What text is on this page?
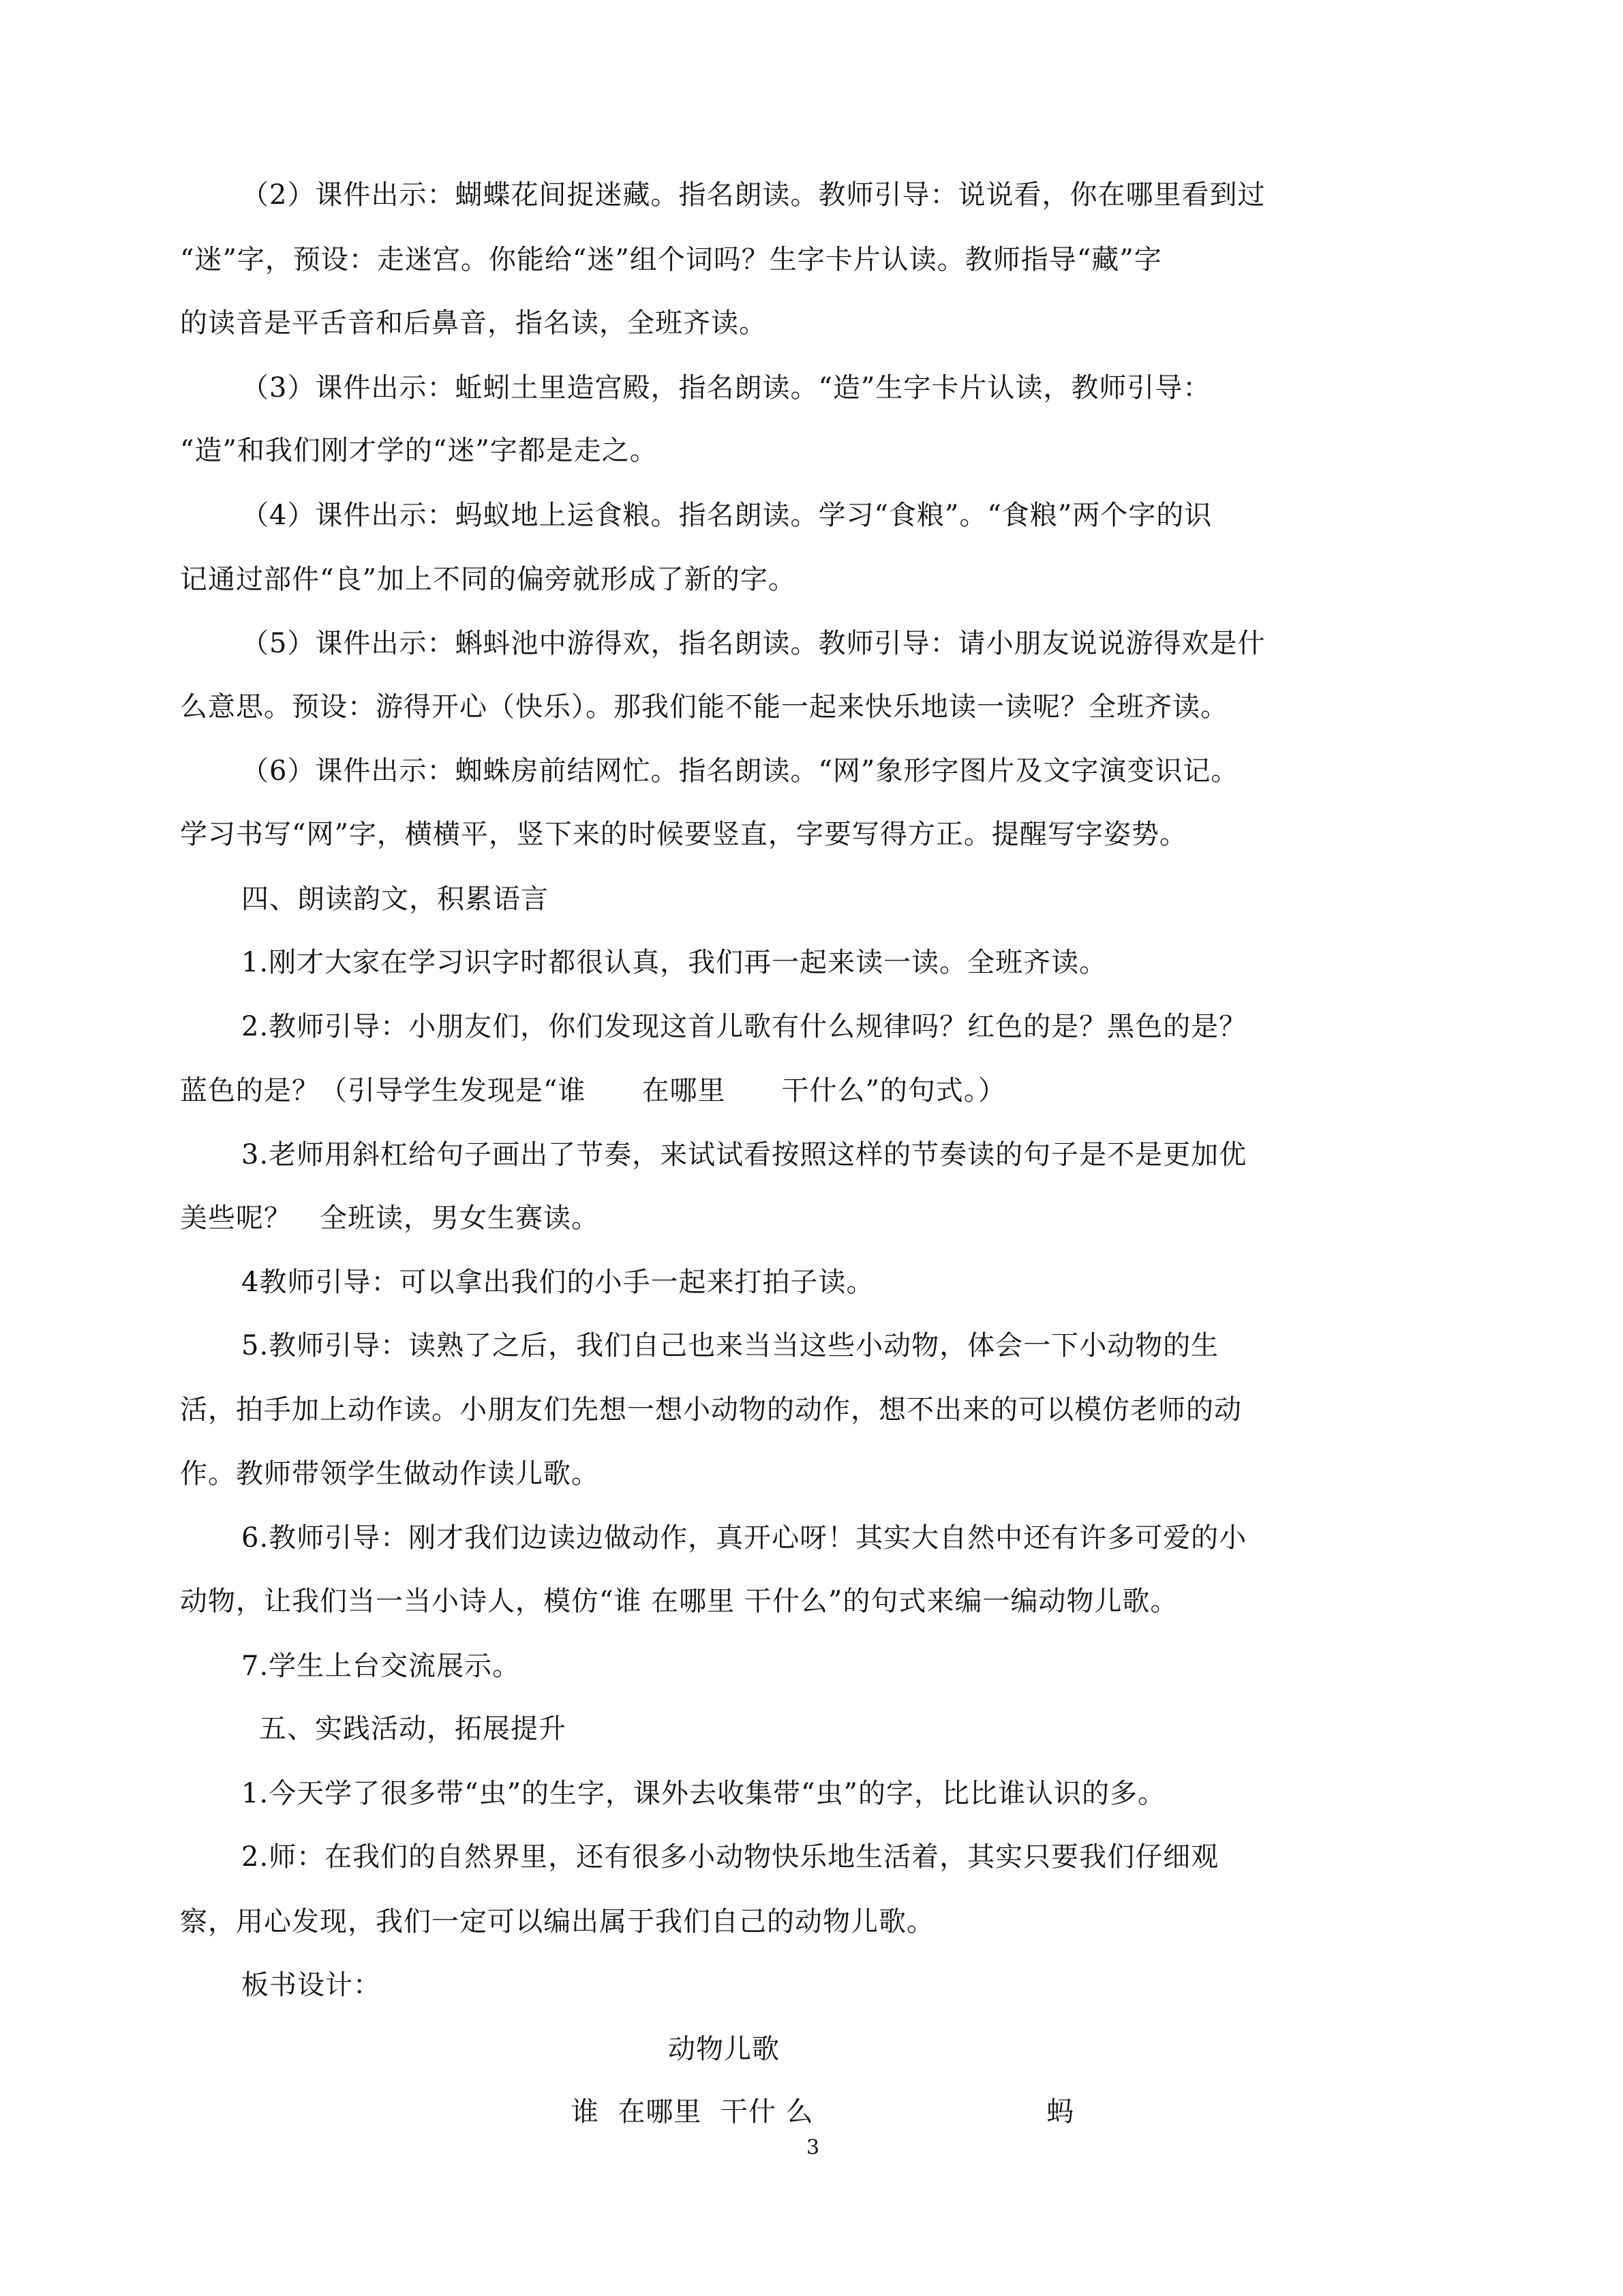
（2）课件出示：蝴蝶花间捉迷藏。指名朗读。教师引导：说说看，你在哪里看到过
“迷”字，预设：走迷宫。你能给“迷”组个词吗？生字卡片认读。教师指导“藏”字
的读音是平舌音和后鼻音，指名读，全班齐读。
（3）课件出示：蚯蚓土里造宫殿，指名朗读。“造”生字卡片认读，教师引导：
“造”和我们刚才学的“迷”字都是走之。
（4）课件出示：蚂蚁地上运食粮。指名朗读。学习“食粮”。“食粮”两个字的识
记通过部件“良”加上不同的偏旁就形成了新的字。
（5）课件出示：蝌蚪池中游得欢，指名朗读。教师引导：请小朋友说说游得欢是什
么意思。预设：游得开心（快乐）。那我们能不能一起来快乐地读一读呢？全班齐读。
（6）课件出示：蜘蛛房前结网忙。指名朗读。“网”象形字图片及文字演变识记。
学习书写“网”字，横横平，竖下来的时候要竖直，字要写得方正。提醒写字姿势。
四、朗读韵文，积累语言
1.刚才大家在学习识字时都很认真，我们再一起来读一读。全班齐读。
2.教师引导：小朋友们，你们发现这首儿歌有什么规律吗？红色的是？黑色的是？
蓝色的是？（引导学生发现是“谁　　在哪里　　干什么”的句式。）
3.老师用斜杠给句子画出了节奏，来试试看按照这样的节奏读的句子是不是更加优
美些呢？　全班读，男女生赛读。
4教师引导：可以拿出我们的小手一起来打拍子读。
5.教师引导：读熟了之后，我们自己也来当当这些小动物，体会一下小动物的生
活，拍手加上动作读。小朋友们先想一想小动物的动作，想不出来的可以模仿老师的动
作。教师带领学生做动作读儿歌。
6.教师引导：刚才我们边读边做动作，真开心呀！其实大自然中还有许多可爱的小
动物，让我们当一当小诗人，模仿“谁 在哪里 干什么”的句式来编一编动物儿歌。
7.学生上台交流展示。
五、实践活动，拓展提升
1.今天学了很多带“虫”的生字，课外去收集带“虫”的字，比比谁认识的多。
2.师：在我们的自然界里，还有很多小动物快乐地生活着，其实只要我们仔细观
察，用心发现，我们一定可以编出属于我们自己的动物儿歌。
板书设计：
动物儿歌
谁  在哪里  干什 么	蚂
3
